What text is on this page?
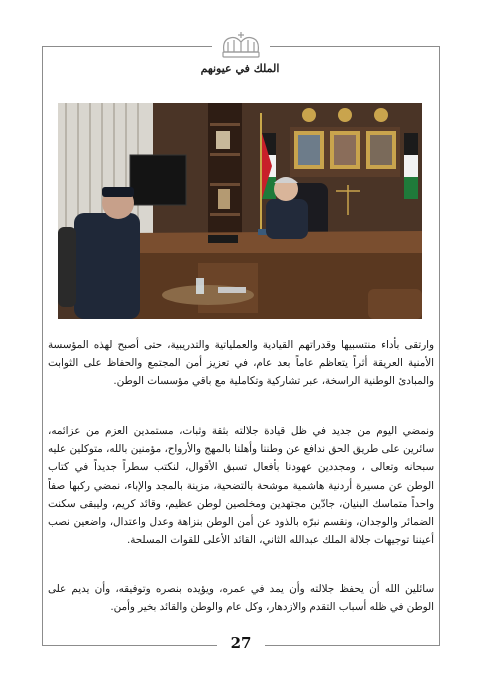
الملك في عيونهم
وارتقى بأداء منتسبيها وقدراتهم القيادية والعملياتية والتدريبية، حتى أصبح لهذه المؤسسة الأمنية العريقة أثراً يتعاظم عاماً بعد عام، في تعزيز أمن المجتمع والحفاظ على الثوابت والمبادئ الوطنية الراسخة، عبر تشاركية وتكاملية مع باقي مؤسسات الوطن.
ونمضي اليوم من جديد في ظل قيادة جلالته بثقة وثبات، مستمدين العزم من عزائمه، سائرين على طريق الحق ندافع عن وطننا وأهلنا بالمهج والأرواح، مؤمنين بالله، متوكلين عليه سبحانه وتعالى ، ومجددين عهودنا بأفعال تسبق الأقوال، لنكتب سطراً جديداً في كتاب الوطن عن مسيرة أردنية هاشمية موشحة بالتضحية، مزينة بالمجد والإباء، نمضي ركبها صفاً واحداً متماسك البنيان، جادّين مجتهدين ومخلصين لوطن عظيم، وقائد كريم، وليبقى سكنت الضمائر والوجدان، ونقسم نبرّه بالذود عن أمن الوطن بنزاهة وعدل واعتدال، واضعين نصب أعيننا توجيهات جلالة الملك عبدالله الثاني، القائد الأعلى للقوات المسلحة.
سائلين الله أن يحفظ جلالته وأن يمد في عمره، ويؤيده بنصره وتوفيقه، وأن يديم على الوطن في ظله أسباب التقدم والازدهار، وكل عام والوطن والقائد بخير وأمن.
27
